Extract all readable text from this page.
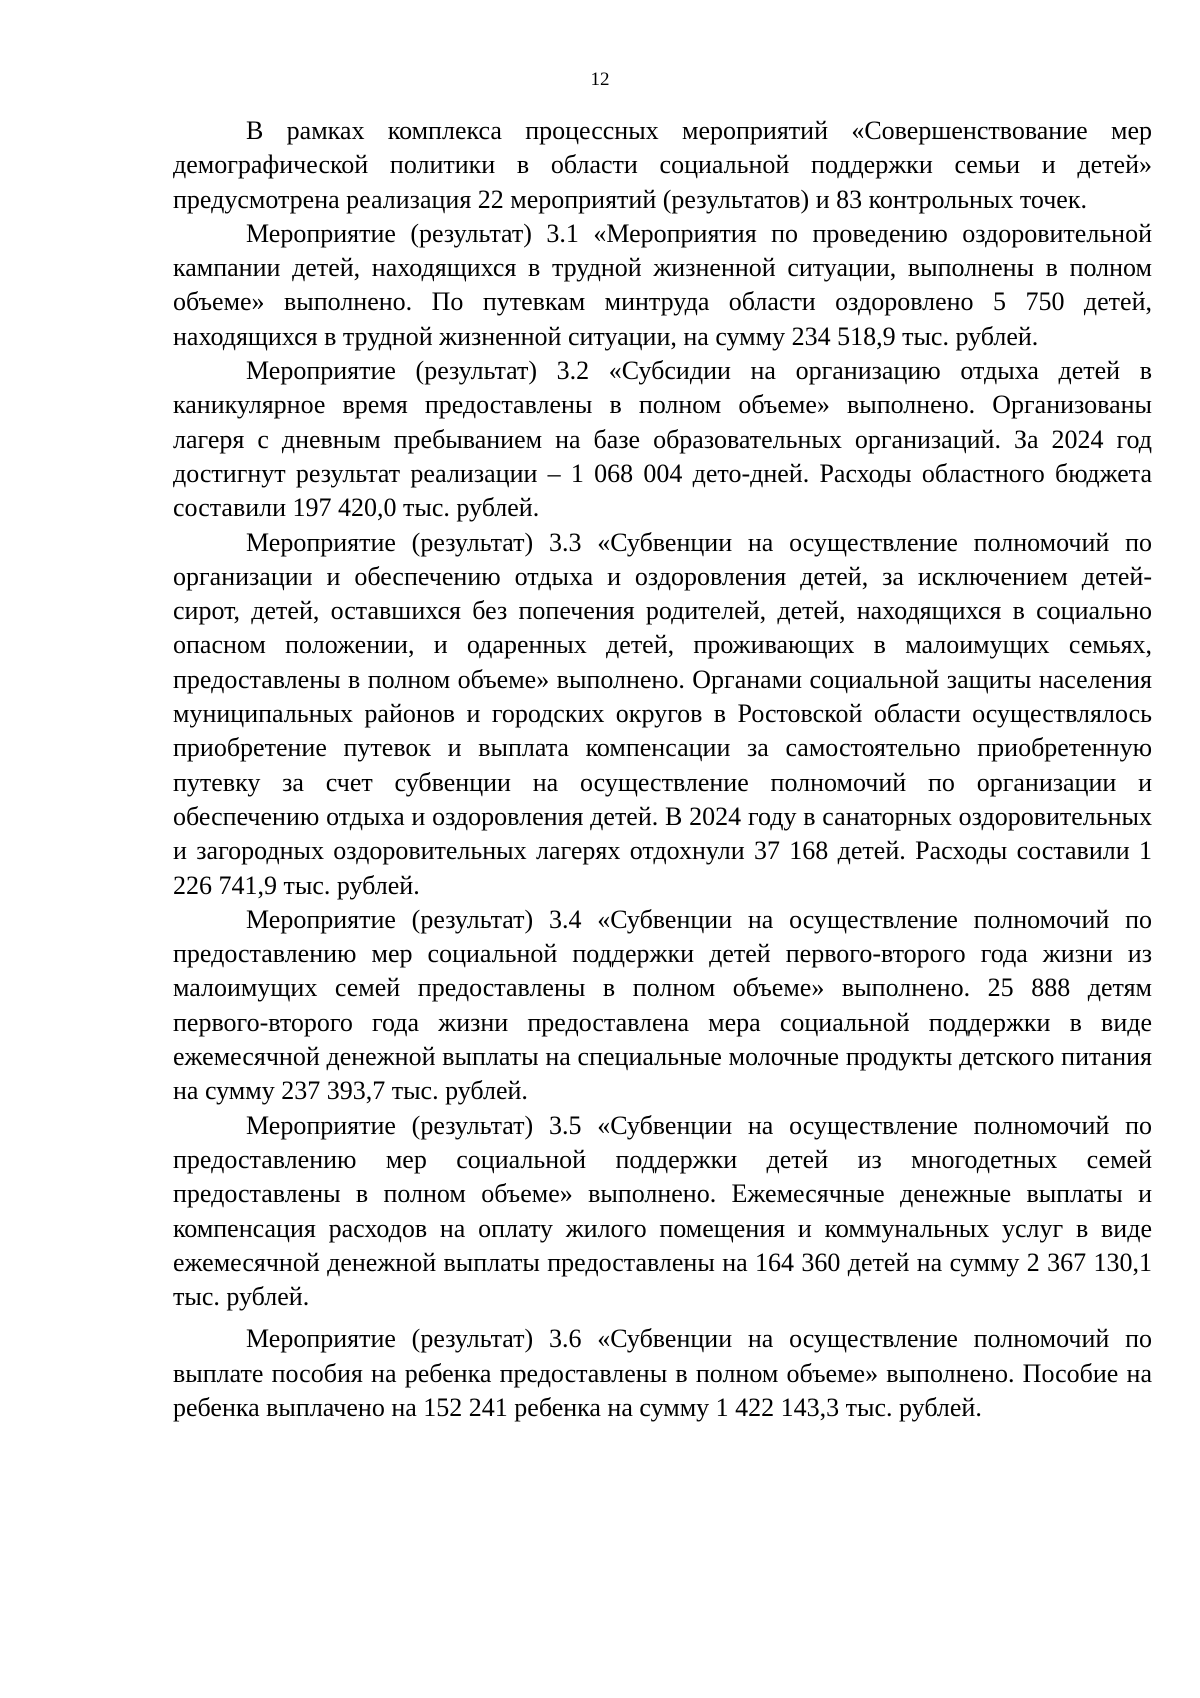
12

В рамках комплекса процессных мероприятий «Совершенствование мер демографической политики в области социальной поддержки семьи и детей» предусмотрена реализация 22 мероприятий (результатов) и 83 контрольных точек.

Мероприятие (результат) 3.1 «Мероприятия по проведению оздоровительной кампании детей, находящихся в трудной жизненной ситуации, выполнены в полном объеме» выполнено. По путевкам минтруда области оздоровлено 5 750 детей, находящихся в трудной жизненной ситуации, на сумму 234 518,9 тыс. рублей.

Мероприятие (результат) 3.2 «Субсидии на организацию отдыха детей в каникулярное время предоставлены в полном объеме» выполнено. Организованы лагеря с дневным пребыванием на базе образовательных организаций. За 2024 год достигнут результат реализации – 1 068 004 дето-дней. Расходы областного бюджета составили 197 420,0 тыс. рублей.

Мероприятие (результат) 3.3 «Субвенции на осуществление полномочий по организации и обеспечению отдыха и оздоровления детей, за исключением детей-сирот, детей, оставшихся без попечения родителей, детей, находящихся в социально опасном положении, и одаренных детей, проживающих в малоимущих семьях, предоставлены в полном объеме» выполнено. Органами социальной защиты населения муниципальных районов и городских округов в Ростовской области осуществлялось приобретение путевок и выплата компенсации за самостоятельно приобретенную путевку за счет субвенции на осуществление полномочий по организации и обеспечению отдыха и оздоровления детей. В 2024 году в санаторных оздоровительных и загородных оздоровительных лагерях отдохнули 37 168 детей. Расходы составили 1 226 741,9 тыс. рублей.

Мероприятие (результат) 3.4 «Субвенции на осуществление полномочий по предоставлению мер социальной поддержки детей первого-второго года жизни из малоимущих семей предоставлены в полном объеме» выполнено. 25 888 детям первого-второго года жизни предоставлена мера социальной поддержки в виде ежемесячной денежной выплаты на специальные молочные продукты детского питания на сумму 237 393,7 тыс. рублей.

Мероприятие (результат) 3.5 «Субвенции на осуществление полномочий по предоставлению мер социальной поддержки детей из многодетных семей предоставлены в полном объеме» выполнено. Ежемесячные денежные выплаты и компенсация расходов на оплату жилого помещения и коммунальных услуг в виде ежемесячной денежной выплаты предоставлены на 164 360 детей на сумму 2 367 130,1 тыс. рублей.

Мероприятие (результат) 3.6 «Субвенции на осуществление полномочий по выплате пособия на ребенка предоставлены в полном объеме» выполнено. Пособие на ребенка выплачено на 152 241 ребенка на сумму 1 422 143,3 тыс. рублей.
